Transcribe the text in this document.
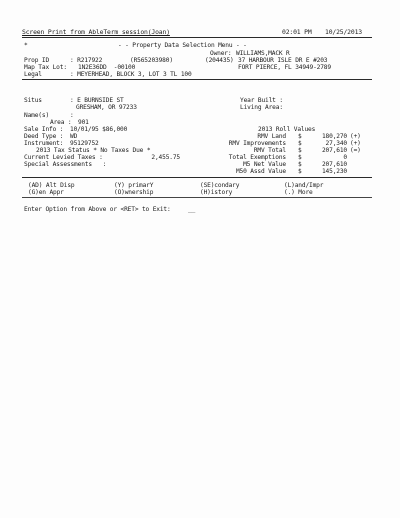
Screen Print from AbleTerm session(Joan)	02:01 PM 10/25/2013
*	- - Property Data Selection Menu - -
Owner: WILLIAMS,MACK R
Prop ID	: R217922	(R565203980)	(204435) 37 HARBOUR ISLE DR E #203
Map Tax Lot: 1N2E36DD  -00100	FORT PIERCE, FL 34949-2789
Legal	: MEYERHEAD, BLOCK 3, LOT 3 TL 100
Situs	: E BURNSIDE ST
GRESHAM, OR 97233
Year Built :
Living Area:
Name(s)	:
Area : 901
Sale Info : 10/01/95 $86,000
Deed Type : WD
Instrument: 95129752
2013 Tax Status * No Taxes Due *
Current Levied Taxes :	2,455.75
Special Assessments   :
2013 Roll Values
RMV Land $	180,270 (+)
RMV Improvements $	27,340 (+)
RMV Total $	207,610 (=)
Total Exemptions $	0
M5 Net Value $	207,610
M50 Assd Value $	145,230
(AD) Alt Disp
(G)en Appr
(Y) primarY
(O)wnership
(SE)condary
(H)istory
(L)and/Impr
(.) More
Enter Option from Above or <RET> to Exit:	__
